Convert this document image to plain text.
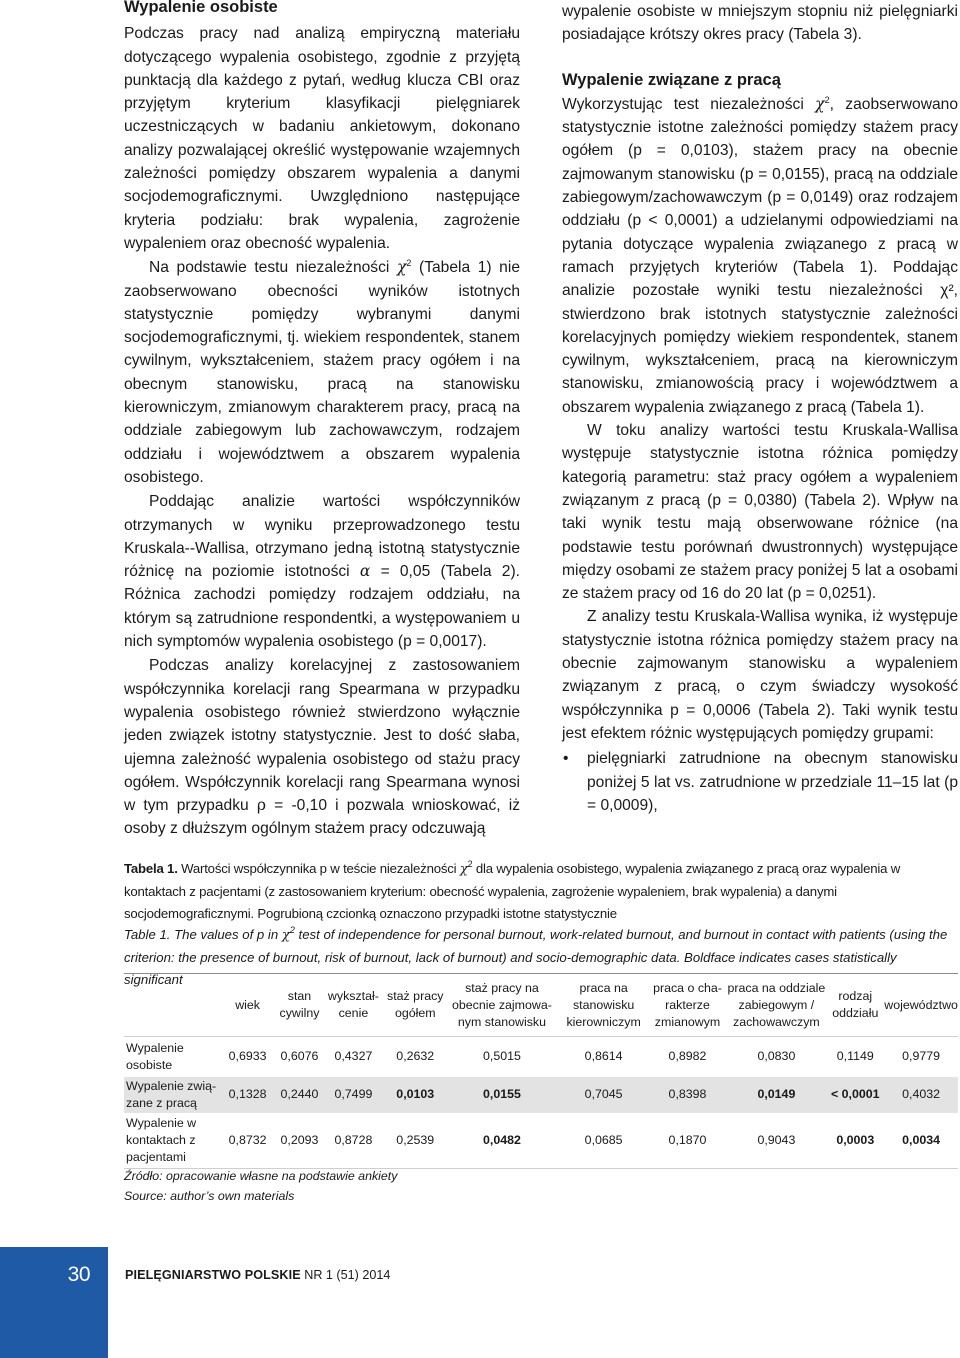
Wypalenie osobiste

Podczas pracy nad analizą empiryczną materiału dotyczącego wypalenia osobistego, zgodnie z przyjętą punktacją dla każdego z pytań, według klucza CBI oraz przyjętym kryterium klasyfikacji pielęgniarek uczestniczących w badaniu ankietowym, dokonano analizy pozwalającej określić występowanie wzajemnych zależności pomiędzy obszarem wypalenia a danymi socjodemograficznymi. Uwzględniono następujące kryteria podziału: brak wypalenia, zagrożenie wypaleniem oraz obecność wypalenia.

Na podstawie testu niezależności $\chi^2$ (Tabela 1) nie zaobserwowano obecności wyników istotnych statystycznie pomiędzy wybranymi danymi socjodemograficznymi, tj. wiekiem respondentek, stanem cywilnym, wykształceniem, stażem pracy ogółem i na obecnym stanowisku, pracą na stanowisku kierowniczym, zmianowym charakterem pracy, pracą na oddziale zabiegowym lub zachowawczym, rodzajem oddziału i województwem a obszarem wypalenia osobistego.

Poddając analizie wartości współczynników otrzymanych w wyniku przeprowadzonego testu Kruskala--Wallisa, otrzymano jedną istotną statystycznie różnicę na poziomie istotności α = 0,05 (Tabela 2). Różnica zachodzi pomiędzy rodzajem oddziału, na którym są zatrudnione respondentki, a występowaniem u nich symptomów wypalenia osobistego (p = 0,0017).

Podczas analizy korelacyjnej z zastosowaniem współczynnika korelacji rang Spearmana w przypadku wypalenia osobistego również stwierdzono wyłącznie jeden związek istotny statystycznie. Jest to dość słaba, ujemna zależność wypalenia osobistego od stażu pracy ogółem. Współczynnik korelacji rang Spearmana wynosi w tym przypadku ρ = -0,10 i pozwala wnioskować, iż osoby z dłuższym ogólnym stażem pracy odczuwają

wypalenie osobiste w mniejszym stopniu niż pielęgniarki posiadające krótszy okres pracy (Tabela 3).

Wypalenie związane z pracą

Wykorzystując test niezależności $\chi^2$, zaobserwowano statystycznie istotne zależności pomiędzy stażem pracy ogółem (p = 0,0103), stażem pracy na obecnie zajmowanym stanowisku (p = 0,0155), pracą na oddziale zabiegowym/zachowawczym (p = 0,0149) oraz rodzajem oddziału (p < 0,0001) a udzielanymi odpowiedziami na pytania dotyczące wypalenia związanego z pracą w ramach przyjętych kryteriów (Tabela 1). Poddając analizie pozostałe wyniki testu niezależności χ², stwierdzono brak istotnych statystycznie zależności korelacyjnych pomiędzy wiekiem respondentek, stanem cywilnym, wykształceniem, pracą na kierowniczym stanowisku, zmianowością pracy i województwem a obszarem wypalenia związanego z pracą (Tabela 1).

W toku analizy wartości testu Kruskala-Wallisa występuje statystycznie istotna różnica pomiędzy kategorią parametru: staż pracy ogółem a wypaleniem związanym z pracą (p = 0,0380) (Tabela 2). Wpływ na taki wynik testu mają obserwowane różnice (na podstawie testu porównań dwustronnych) występujące między osobami ze stażem pracy poniżej 5 lat a osobami ze stażem pracy od 16 do 20 lat (p = 0,0251).

Z analizy testu Kruskala-Wallisa wynika, iż występuje statystycznie istotna różnica pomiędzy stażem pracy na obecnie zajmowanym stanowisku a wypaleniem związanym z pracą, o czym świadczy wysokość współczynnika p = 0,0006 (Tabela 2). Taki wynik testu jest efektem różnic występujących pomiędzy grupami:

• pielęgniarki zatrudnione na obecnym stanowisku poniżej 5 lat vs. zatrudnione w przedziale 11–15 lat (p = 0,0009),
Tabela 1. Wartości współczynnika p w teście niezależności $\chi^2$ dla wypalenia osobistego, wypalenia związanego z pracą oraz wypalenia w kontaktach z pacjentami (z zastosowaniem kryterium: obecność wypalenia, zagrożenie wypaleniem, brak wypalenia) a danymi socjodemograficznymi. Pogrubioną czcionką oznaczono przypadki istotne statystycznie
Table 1. The values of p in $\chi^2$ test of independence for personal burnout, work-related burnout, and burnout in contact with patients (using the criterion: the presence of burnout, risk of burnout, lack of burnout) and socio-demographic data. Boldface indicates cases statistically significant
	wiek	stan cywilny	wykształ-cenie	staż pracy ogółem	staż pracy na obecnie zajmowa-nym stanowisku	praca na stanowisku kierowniczym	praca o cha-rakterze zmianowym	praca na oddziale zabiegowym / zachowawczym	rodzaj oddziału	województwo
Wypalenie osobiste	0,6933	0,6076	0,4327	0,2632	0,5015	0,8614	0,8982	0,0830	0,1149	0,9779
Wypalenie zwią-zane z pracą	0,1328	0,2440	0,7499	0,0103	0,0155	0,7045	0,8398	0,0149	< 0,0001	0,4032
Wypalenie w kontaktach z pacjentami	0,8732	0,2093	0,8728	0,2539	0,0482	0,0685	0,1870	0,9043	0,0003	0,0034
Źródło: opracowanie własne na podstawie ankiety
Source: author’s own materials
30	PIELĘGNIARSTWO POLSKIE NR 1 (51) 2014
